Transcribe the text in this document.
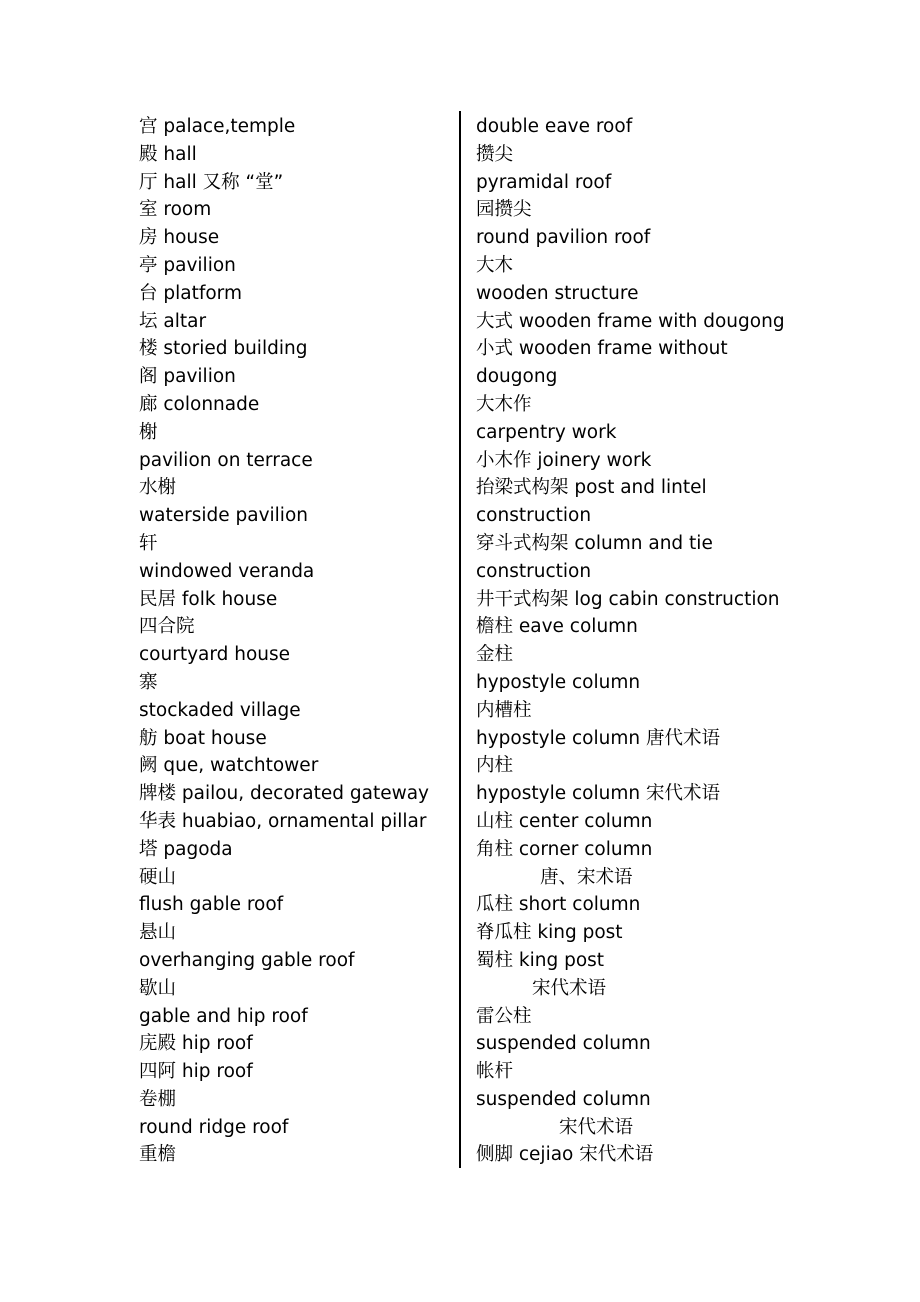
宫 palace,temple
殿 hall
厅 hall 又称 “堂”
室 room
房 house
亭 pavilion
台 platform
坛 altar
楼 storied building
阁 pavilion
廊 colonnade
榭
pavilion on terrace
水榭
waterside pavilion
轩
windowed veranda
民居 folk house
四合院
courtyard house
寨
stockaded village
舫 boat house
阙 que, watchtower
牌楼 pailou, decorated gateway
华表 huabiao, ornamental pillar
塔 pagoda
硬山
flush gable roof
悬山
overhanging gable roof
歇山
gable and hip roof
庑殿 hip roof
四阿 hip roof
卷棚
round ridge roof
重檐
double eave roof
攒尖
pyramidal roof
园攒尖
round pavilion roof
大木
wooden structure
大式 wooden frame with dougong
小式 wooden frame without
dougong
大木作
carpentry work
小木作 joinery work
抬梁式构架 post and lintel
construction
穿斗式构架 column and tie
construction
井干式构架 log cabin construction
檐柱 eave column
金柱
hypostyle column
内槽柱
hypostyle column 唐代术语
内柱
hypostyle column 宋代术语
山柱 center column
角柱 corner column
唐、宋术语
瓜柱 short column
脊瓜柱 king post
蜀柱 king post
宋代术语
雷公柱
suspended column
帐杆
suspended column
宋代术语
侧脚 cejiao 宋代术语
